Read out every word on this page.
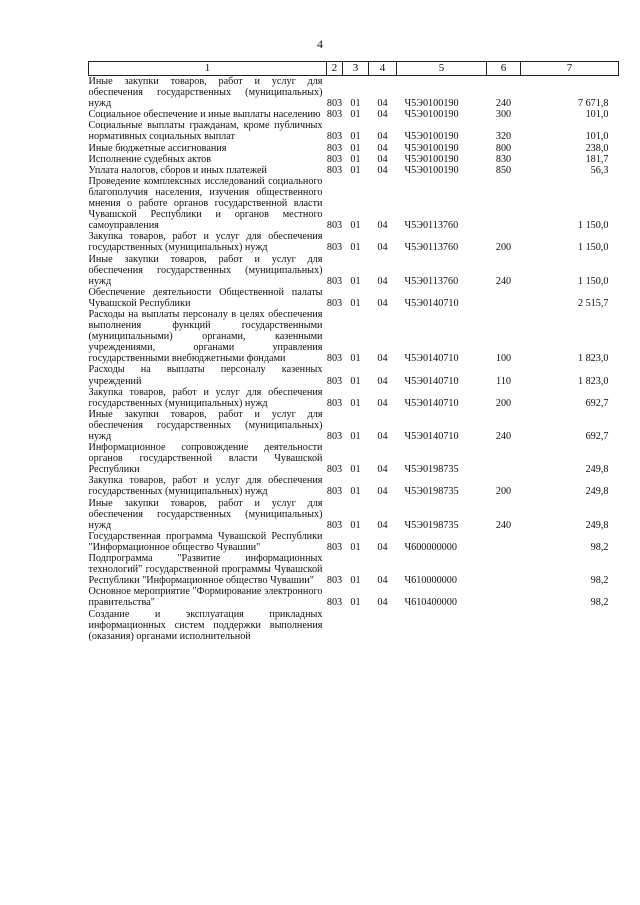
4
1	2	3	4	5	6	7
Иные закупки товаров, работ и услуг для обеспечения государственных (муниципальных) нужд	803	01	04	Ч5Э0100190	240	7 671,8
Социальное обеспечение и иные выплаты населению	803	01	04	Ч5Э0100190	300	101,0
Социальные выплаты гражданам, кроме публичных нормативных социальных выплат	803	01	04	Ч5Э0100190	320	101,0
Иные бюджетные ассигнования	803	01	04	Ч5Э0100190	800	238,0
Исполнение судебных актов	803	01	04	Ч5Э0100190	830	181,7
Уплата налогов, сборов и иных платежей	803	01	04	Ч5Э0100190	850	56,3
Проведение комплексных исследований социального благополучия населения, изучения общественного мнения о работе органов государственной власти Чувашской Республики и органов местного самоуправления	803	01	04	Ч5Э0113760		1 150,0
Закупка товаров, работ и услуг для обеспечения государственных (муниципальных) нужд	803	01	04	Ч5Э0113760	200	1 150,0
Иные закупки товаров, работ и услуг для обеспечения государственных (муниципальных) нужд	803	01	04	Ч5Э0113760	240	1 150,0
Обеспечение деятельности Общественной палаты Чувашской Республики	803	01	04	Ч5Э0140710		2 515,7
Расходы на выплаты персоналу в целях обеспечения выполнения функций государственными (муниципальными) органами, казенными учреждениями, органами управления государственными внебюджетными фондами	803	01	04	Ч5Э0140710	100	1 823,0
Расходы на выплаты персоналу казенных учреждений	803	01	04	Ч5Э0140710	110	1 823,0
Закупка товаров, работ и услуг для обеспечения государственных (муниципальных) нужд	803	01	04	Ч5Э0140710	200	692,7
Иные закупки товаров, работ и услуг для обеспечения государственных (муниципальных) нужд	803	01	04	Ч5Э0140710	240	692,7
Информационное сопровождение деятельности органов государственной власти Чувашской Республики	803	01	04	Ч5Э0198735		249,8
Закупка товаров, работ и услуг для обеспечения государственных (муниципальных) нужд	803	01	04	Ч5Э0198735	200	249,8
Иные закупки товаров, работ и услуг для обеспечения государственных (муниципальных) нужд	803	01	04	Ч5Э0198735	240	249,8
Государственная программа Чувашской Республики "Информационное общество Чувашии"	803	01	04	Ч600000000		98,2
Подпрограмма "Развитие информационных технологий" государственной программы Чувашской Республики "Информационное общество Чувашии"	803	01	04	Ч610000000		98,2
Основное мероприятие "Формирование электронного правительства"	803	01	04	Ч610400000		98,2
Создание и эксплуатация прикладных информационных систем поддержки выполнения (оказания) органами исполнительной						
